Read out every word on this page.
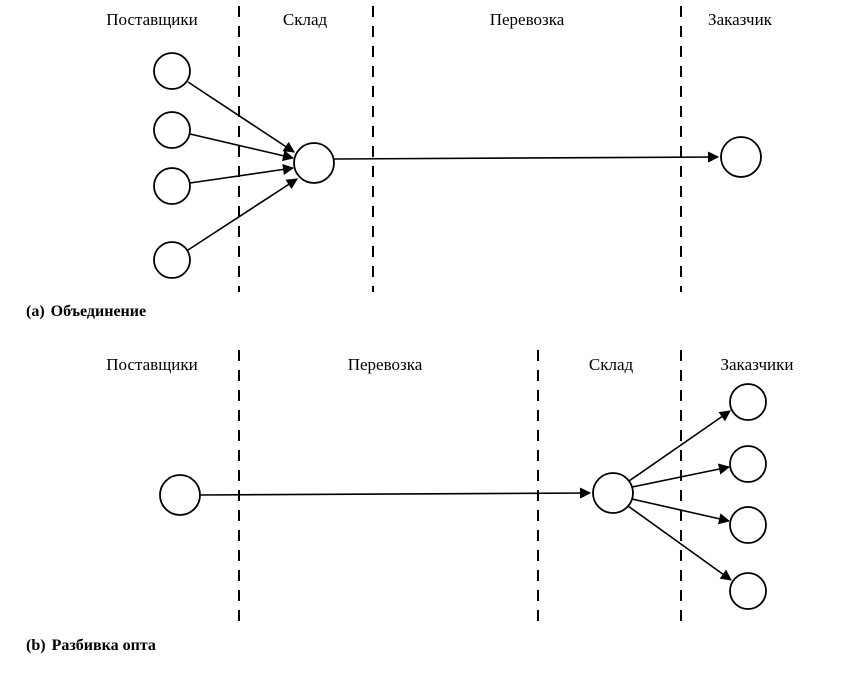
Поставщики	Склад	Перевозка	Заказчик
(a) Объединение
Поставщики	Перевозка	Склад	Заказчики
(b) Разбивка опта
